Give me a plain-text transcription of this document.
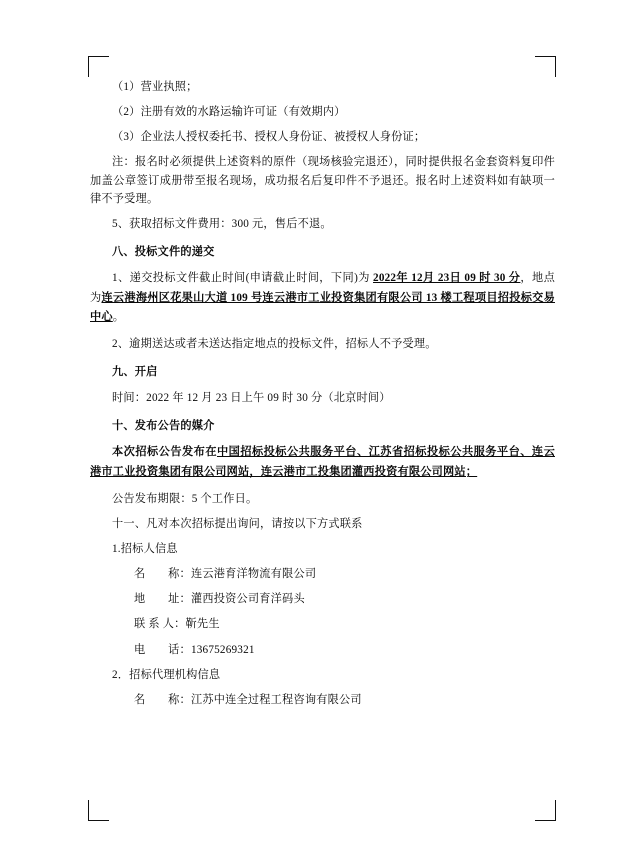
（1）营业执照；

（2）注册有效的水路运输许可证（有效期内）

（3）企业法人授权委托书、授权人身份证、被授权人身份证；

注：报名时必须提供上述资料的原件（现场核验完退还），同时提供报名金套资料复印件加盖公章签订成册带至报名现场，成功报名后复印件不予退还。报名时上述资料如有缺项一律不予受理。

5、获取招标文件费用：300 元，售后不退。

八、投标文件的递交

1、递交投标文件截止时间(申请截止时间，下同)为 2022年 12月 23日 09 时 30 分，地点为连云港海州区花果山大道 109 号连云港市工业投资集团有限公司 13 楼工程项目招投标交易中心。

2、逾期送达或者未送达指定地点的投标文件，招标人不予受理。

九、开启

时间：2022 年 12 月 23 日上午 09 时 30 分（北京时间）

十、发布公告的媒介

本次招标公告发布在中国招标投标公共服务平台、江苏省招标投标公共服务平台、连云港市工业投资集团有限公司网站，连云港市工投集团灌西投资有限公司网站；

公告发布期限：5 个工作日。

十一、凡对本次招标提出询问，请按以下方式联系

1.招标人信息

名　　称：连云港育洋物流有限公司

地　　址：灌西投资公司育洋码头

联 系 人：靳先生

电　　话：13675269321

2．招标代理机构信息

名　　称：江苏中连全过程工程咨询有限公司
